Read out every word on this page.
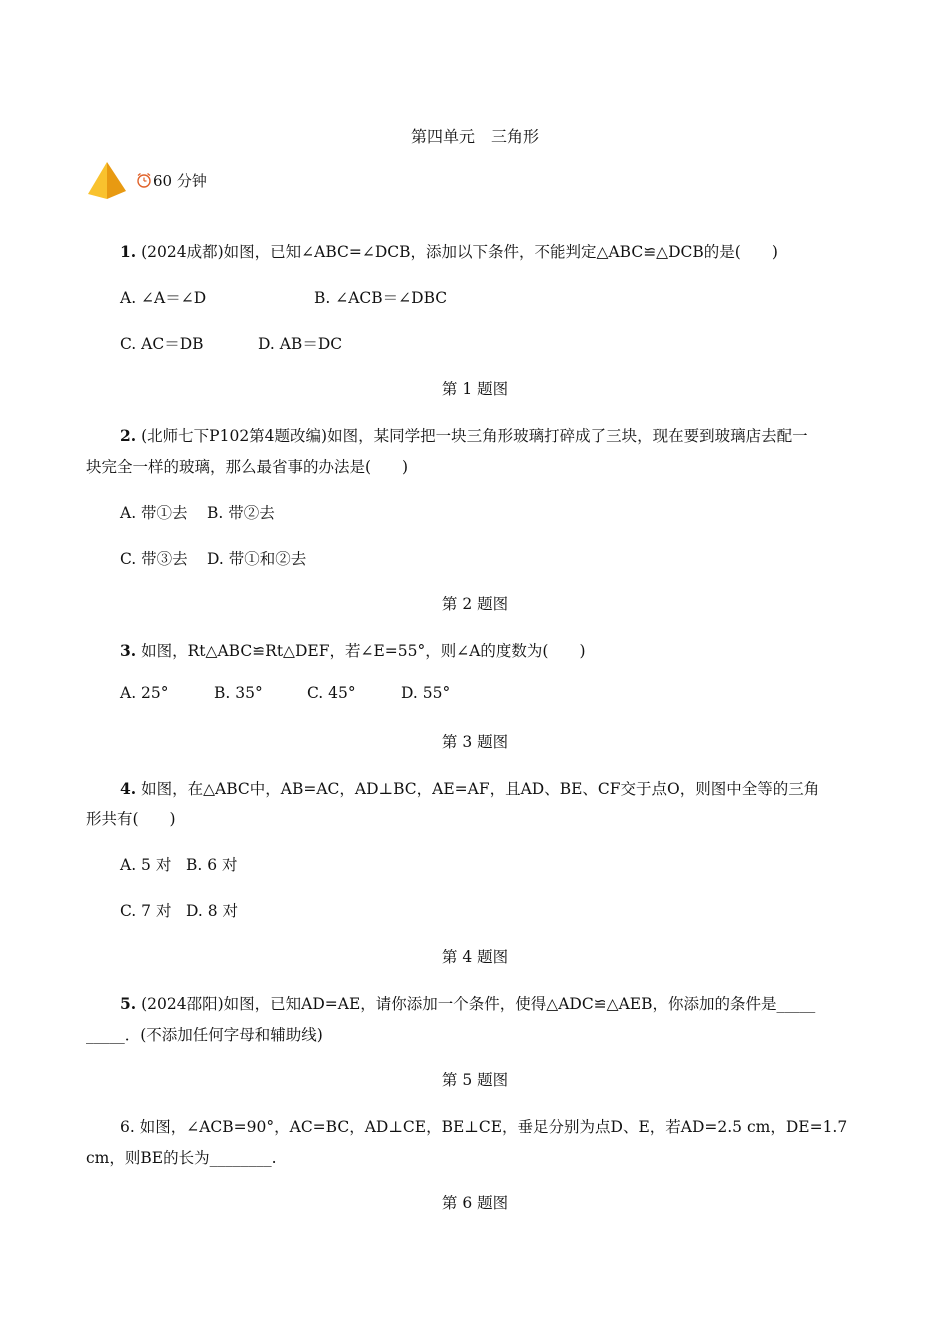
第四单元　三角形
60 分钟
1. (2024成都)如图，已知∠ABC=∠DCB，添加以下条件，不能判定△ABC≌△DCB的是(　　)
A. ∠A＝∠D	B. ∠ACB＝∠DBC
C. AC＝DB	D. AB＝DC
第 1 题图
2. (北师七下P102第4题改编)如图，某同学把一块三角形玻璃打碎成了三块，现在要到玻璃店去配一
块完全一样的玻璃，那么最省事的办法是(　　)
A. 带①去 B. 带②去
C. 带③去 D. 带①和②去
第 2 题图
3. 如图，Rt△ABC≌Rt△DEF，若∠E=55°，则∠A的度数为(　　)
A. 25°	B. 35°	C. 45°	D. 55°
第 3 题图
4. 如图，在△ABC中，AB=AC，AD⊥BC，AE=AF，且AD、BE、CF交于点O，则图中全等的三角
形共有(　　)
A. 5 对 B. 6 对
C. 7 对 D. 8 对
第 4 题图
5. (2024邵阳)如图，已知AD=AE，请你添加一个条件，使得△ADC≌△AEB，你添加的条件是_____
_____．(不添加任何字母和辅助线)
第 5 题图
6. 如图，∠ACB=90°，AC=BC，AD⊥CE，BE⊥CE，垂足分别为点D、E，若AD=2.5 cm，DE=1.7
cm，则BE的长为________.
第 6 题图
